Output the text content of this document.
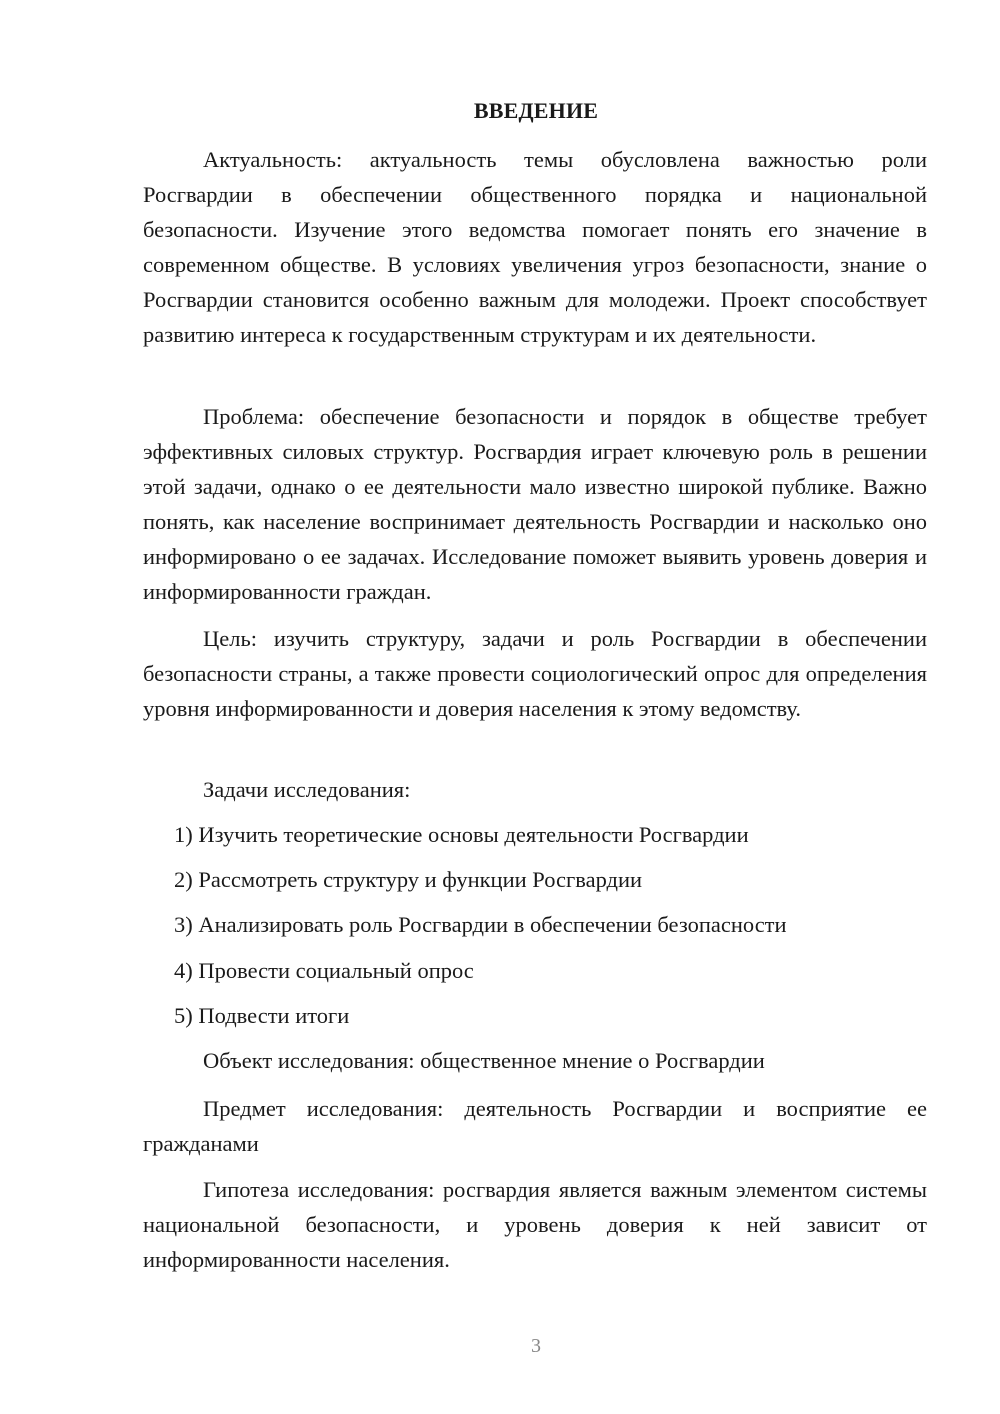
ВВЕДЕНИЕ

Актуальность: актуальность темы обусловлена важностью роли Росгвардии в обеспечении общественного порядка и национальной безопасности. Изучение этого ведомства помогает понять его значение в современном обществе. В условиях увеличения угроз безопасности, знание о Росгвардии становится особенно важным для молодежи. Проект способствует развитию интереса к государственным структурам и их деятельности.

Проблема: обеспечение безопасности и порядок в обществе требует эффективных силовых структур. Росгвардия играет ключевую роль в решении этой задачи, однако о ее деятельности мало известно широкой публике. Важно понять, как население воспринимает деятельность Росгвардии и насколько оно информировано о ее задачах. Исследование поможет выявить уровень доверия и информированности граждан.

Цель: изучить структуру, задачи и роль Росгвардии в обеспечении безопасности страны, а также провести социологический опрос для определения уровня информированности и доверия населения к этому ведомству.

Задачи исследования:
1) Изучить теоретические основы деятельности Росгвардии
2) Рассмотреть структуру и функции Росгвардии
3) Анализировать роль Росгвардии в обеспечении безопасности
4) Провести социальный опрос
5) Подвести итоги
Объект исследования: общественное мнение о Росгвардии

Предмет исследования: деятельность Росгвардии и восприятие ее гражданами

Гипотеза исследования: росгвардия является важным элементом системы национальной безопасности, и уровень доверия к ней зависит от информированности населения.

3
